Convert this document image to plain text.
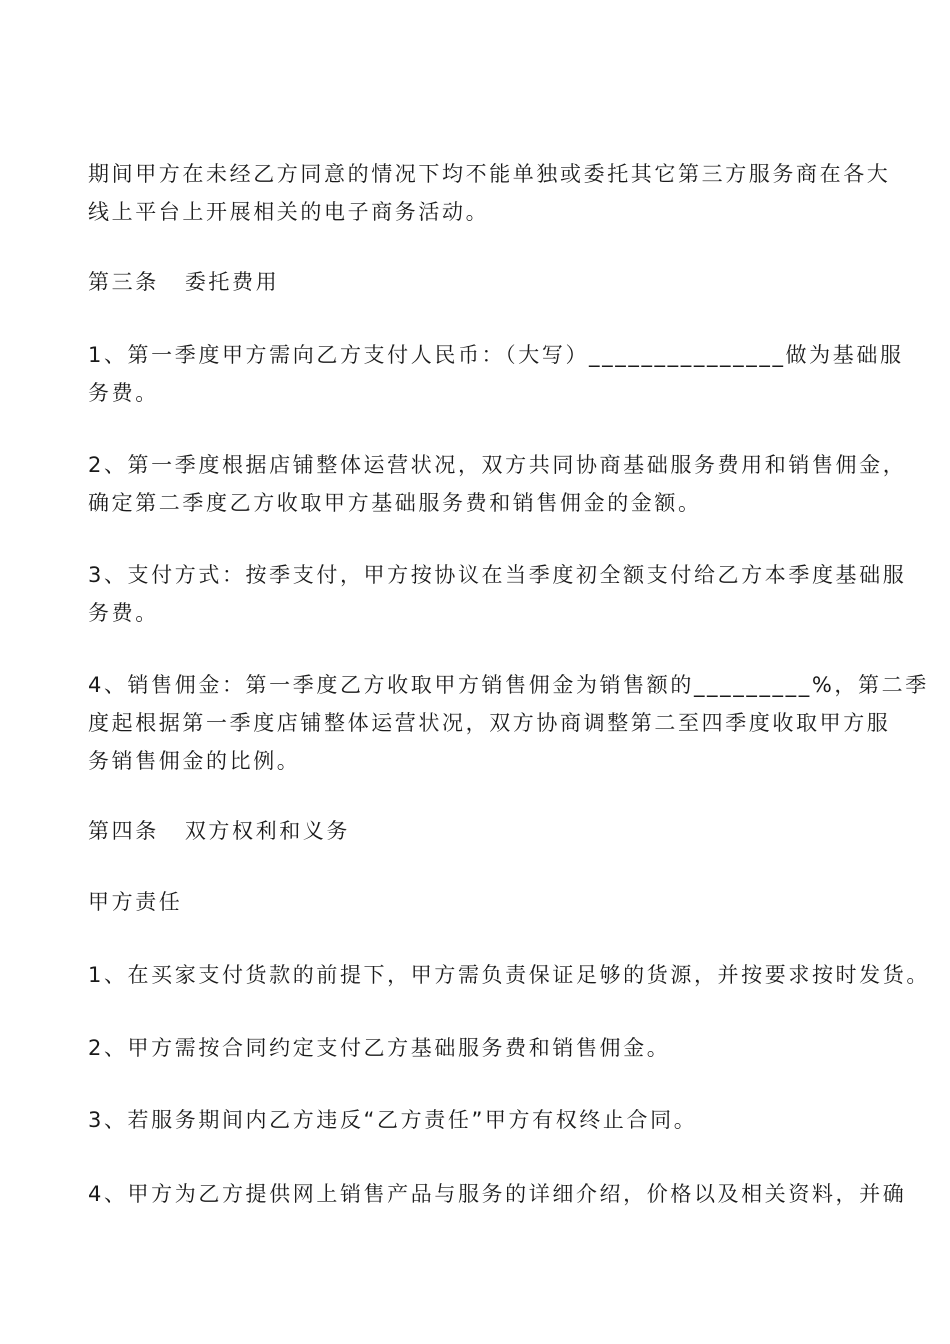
期间甲方在未经乙方同意的情况下均不能单独或委托其它第三方服务商在各大
线上平台上开展相关的电子商务活动。

第三条 委托费用

1、第一季度甲方需向乙方支付人民币：（大写）_______________做为基础服
务费。

2、第一季度根据店铺整体运营状况，双方共同协商基础服务费用和销售佣金，
确定第二季度乙方收取甲方基础服务费和销售佣金的金额。

3、支付方式：按季支付，甲方按协议在当季度初全额支付给乙方本季度基础服
务费。

4、销售佣金：第一季度乙方收取甲方销售佣金为销售额的_________%，第二季
度起根据第一季度店铺整体运营状况，双方协商调整第二至四季度收取甲方服
务销售佣金的比例。

第四条 双方权利和义务

甲方责任

1、在买家支付货款的前提下，甲方需负责保证足够的货源，并按要求按时发货。

2、甲方需按合同约定支付乙方基础服务费和销售佣金。

3、若服务期间内乙方违反“乙方责任”甲方有权终止合同。

4、甲方为乙方提供网上销售产品与服务的详细介绍，价格以及相关资料，并确
